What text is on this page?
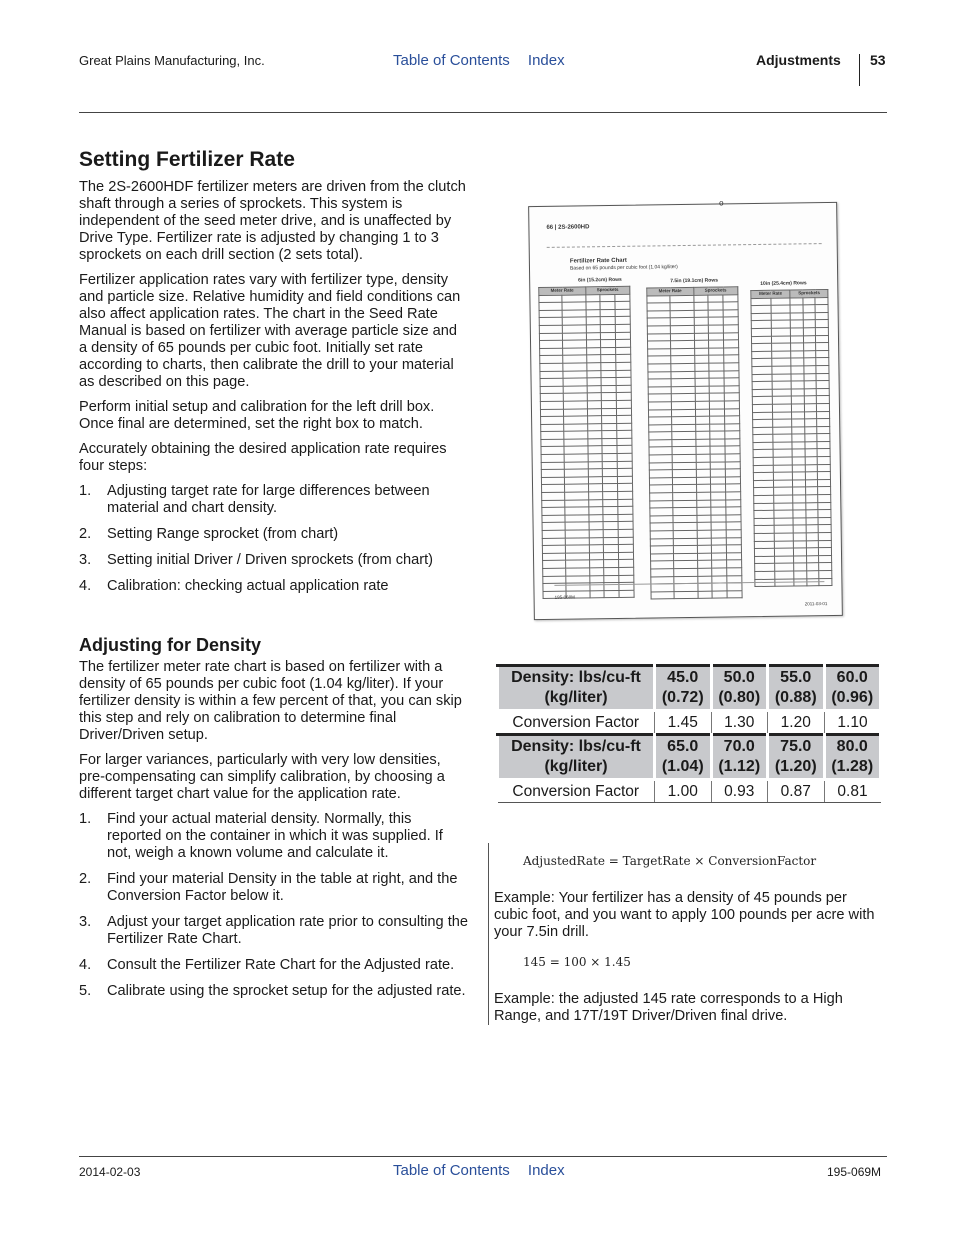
Great Plains Manufacturing, Inc.	Table of Contents Index	Adjustments 53
Setting Fertilizer Rate

The 2S-2600HDF fertilizer meters are driven from the clutch shaft through a series of sprockets. This system is independent of the seed meter drive, and is unaffected by Drive Type. Fertilizer rate is adjusted by changing 1 to 3 sprockets on each drill section (2 sets total).

Fertilizer application rates vary with fertilizer type, density and particle size. Relative humidity and field conditions can also affect application rates. The chart in the Seed Rate Manual is based on fertilizer with average particle size and a density of 65 pounds per cubic foot. Initially set rate according to charts, then calibrate the drill to your material as described on this page.

Perform initial setup and calibration for the left drill box. Once final are determined, set the right box to match.

Accurately obtaining the desired application rate requires four steps:

1. Adjusting target rate for large differences between material and chart density.
2. Setting Range sprocket (from chart)
3. Setting initial Driver / Driven sprockets (from chart)
4. Calibration: checking actual application rate
Adjusting for Density

The fertilizer meter rate chart is based on fertilizer with a density of 65 pounds per cubic foot (1.04 kg/liter). If your fertilizer density is within a few percent of that, you can skip this step and rely on calibration to determine final Driver/Driven setup.

For larger variances, particularly with very low densities, pre-compensating can simplify calibration, by choosing a different target chart value for the application rate.

1. Find your actual material density. Normally, this reported on the container in which it was supplied. If not, weigh a known volume and calculate it.
2. Find your material Density in the table at right, and the Conversion Factor below it.
3. Adjust your target application rate prior to consulting the Fertilizer Rate Chart.
4. Consult the Fertilizer Rate Chart for the Adjusted rate.
5. Calibrate using the sprocket setup for the adjusted rate.
o
66 | 2S-2600HD
Fertilizer Rate Chart
Based on 65 pounds per cubic foot (1.04 kg/liter)
6in (15.2cm) Rows	7.5in (19.1cm) Rows	10in (25.4cm) Rows
Meter Rate		Sprockets		

					Meter Rate		Sprockets		

Meter Rate		Sprockets		

195-068M
2011-03-01
Density: lbs/cu-ft (kg/liter)	45.0 (0.72)	50.0 (0.80)	55.0 (0.88)	60.0 (0.96)
Conversion Factor	1.45	1.30	1.20	1.10
Density: lbs/cu-ft (kg/liter)	65.0 (1.04)	70.0 (1.12)	75.0 (1.20)	80.0 (1.28)
Conversion Factor	1.00	0.93	0.87	0.81
AdjustedRate = TargetRate × ConversionFactor
Example: Your fertilizer has a density of 45 pounds per cubic foot, and you want to apply 100 pounds per acre with your 7.5in drill.
145 = 100 × 1.45
Example: the adjusted 145 rate corresponds to a High Range, and 17T/19T Driver/Driven final drive.
2014-02-03	Table of Contents Index	195-069M
